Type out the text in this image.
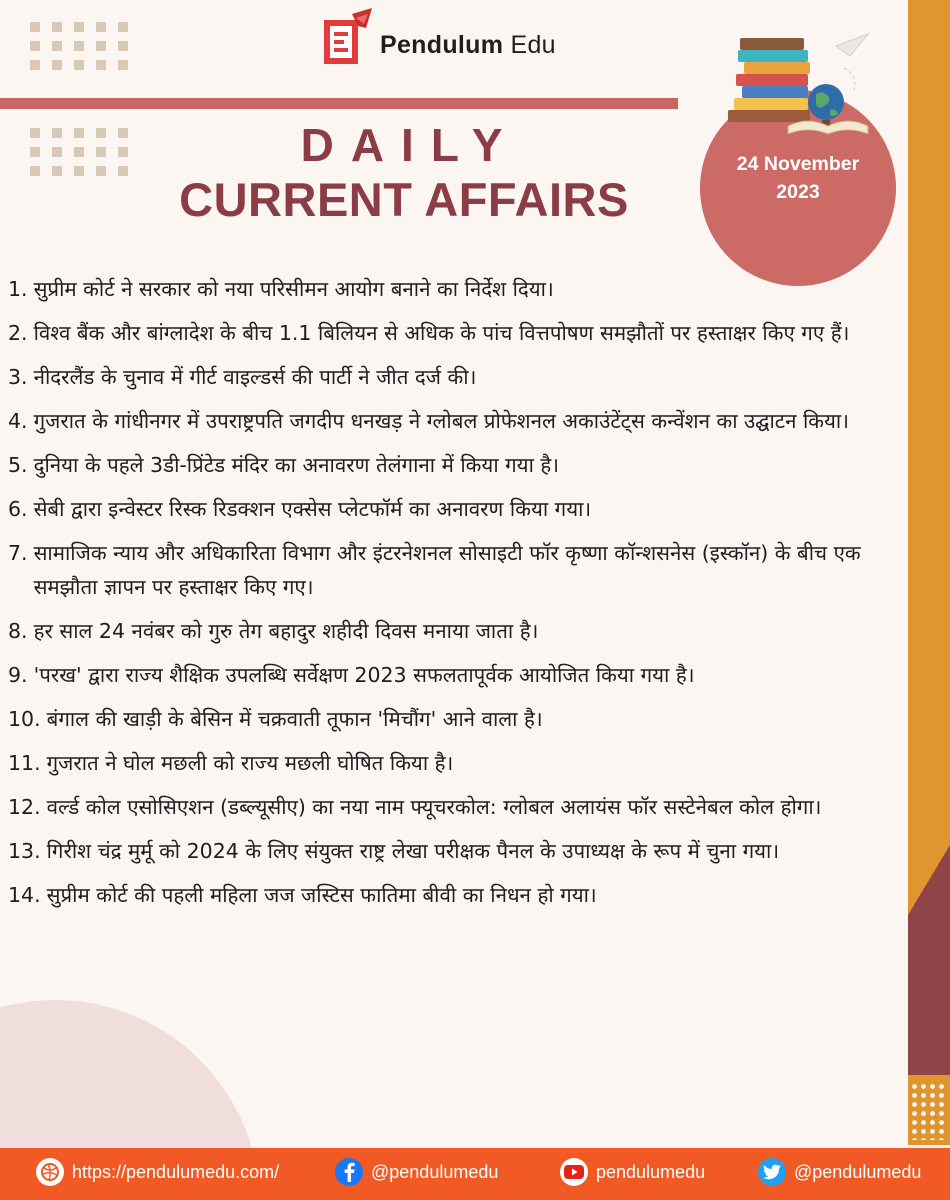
Pendulum Edu
DAILY
CURRENT AFFAIRS
24 November
2023
1. सुप्रीम कोर्ट ने सरकार को नया परिसीमन आयोग बनाने का निर्देश दिया।
2. विश्व बैंक और बांग्लादेश के बीच 1.1 बिलियन से अधिक के पांच वित्तपोषण समझौतों पर हस्ताक्षर किए गए हैं।
3. नीदरलैंड के चुनाव में गीर्ट वाइल्डर्स की पार्टी ने जीत दर्ज की।
4. गुजरात के गांधीनगर में उपराष्ट्रपति जगदीप धनखड़ ने ग्लोबल प्रोफेशनल अकाउंटेंट्स कन्वेंशन का उद्घाटन किया।
5. दुनिया के पहले 3डी-प्रिंटेड मंदिर का अनावरण तेलंगाना में किया गया है।
6. सेबी द्वारा इन्वेस्टर रिस्क रिडक्शन एक्सेस प्लेटफॉर्म का अनावरण किया गया।
7. सामाजिक न्याय और अधिकारिता विभाग और इंटरनेशनल सोसाइटी फॉर कृष्णा कॉन्शसनेस (इस्कॉन) के बीच एक समझौता ज्ञापन पर हस्ताक्षर किए गए।
8. हर साल 24 नवंबर को गुरु तेग बहादुर शहीदी दिवस मनाया जाता है।
9. 'परख' द्वारा राज्य शैक्षिक उपलब्धि सर्वेक्षण 2023 सफलतापूर्वक आयोजित किया गया है।
10. बंगाल की खाड़ी के बेसिन में चक्रवाती तूफान 'मिचौंग' आने वाला है।
11. गुजरात ने घोल मछली को राज्य मछली घोषित किया है।
12. वर्ल्ड कोल एसोसिएशन (डब्ल्यूसीए) का नया नाम फ्यूचरकोल: ग्लोबल अलायंस फॉर सस्टेनेबल कोल होगा।
13. गिरीश चंद्र मुर्मू को 2024 के लिए संयुक्त राष्ट्र लेखा परीक्षक पैनल के उपाध्यक्ष के रूप में चुना गया।
14. सुप्रीम कोर्ट की पहली महिला जज जस्टिस फातिमा बीवी का निधन हो गया।
https://pendulumedu.com/	@pendulumedu	pendulumedu	@pendulumedu
